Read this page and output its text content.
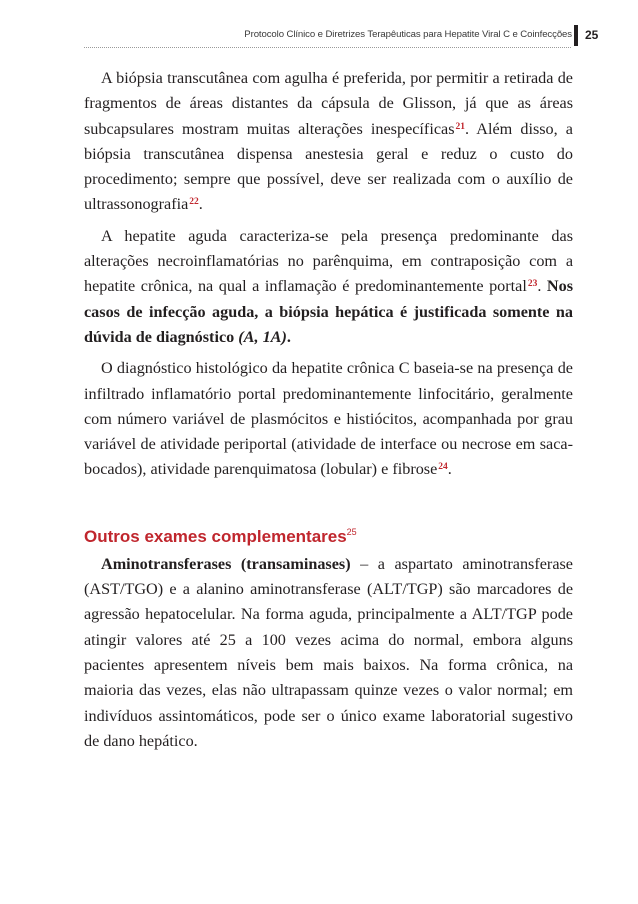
Protocolo Clínico e Diretrizes Terapêuticas para Hepatite Viral C e Coinfecções 25

A biópsia transcutânea com agulha é preferida, por permitir a retirada de fragmentos de áreas distantes da cápsula de Glisson, já que as áreas subcapsulares mostram muitas alterações inespecíficas$^{21}$. Além disso, a biópsia transcutânea dispensa anestesia geral e reduz o custo do procedimento; sempre que possível, deve ser realizada com o auxílio de ultrassonografia$^{22}$.

A hepatite aguda caracteriza-se pela presença predominante das alterações necroinflamatórias no parênquima, em contraposição com a hepatite crônica, na qual a inflamação é predominantemente portal$^{23}$. Nos casos de infecção aguda, a biópsia hepática é justificada somente na dúvida de diagnóstico (A, 1A).

O diagnóstico histológico da hepatite crônica C baseia-se na presença de infiltrado inflamatório portal predominantemente linfocitário, geralmente com número variável de plasmócitos e histiócitos, acompanhada por grau variável de atividade periportal (atividade de interface ou necrose em saca-bocados), atividade parenquimatosa (lobular) e fibrose$^{24}$.

Outros exames complementares$^{25}$

Aminotransferases (transaminases) – a aspartato aminotransferase (AST/TGO) e a alanino aminotransferase (ALT/TGP) são marcadores de agressão hepatocelular. Na forma aguda, principalmente a ALT/TGP pode atingir valores até 25 a 100 vezes acima do normal, embora alguns pacientes apresentem níveis bem mais baixos. Na forma crônica, na maioria das vezes, elas não ultrapassam quinze vezes o valor normal; em indivíduos assintomáticos, pode ser o único exame laboratorial sugestivo de dano hepático.
